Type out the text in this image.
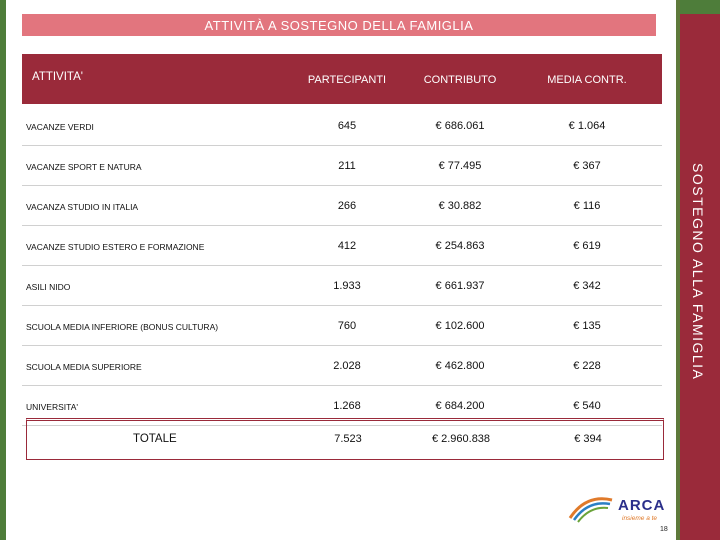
SOSTEGNO ALLA FAMIGLIA
ATTIVITÀ A SOSTEGNO DELLA FAMIGLIA
ATTIVITA'	PARTECIPANTI	CONTRIBUTO	MEDIA CONTR.
VACANZE VERDI	645	€ 686.061	€ 1.064
VACANZE SPORT E NATURA	211	€ 77.495	€ 367
VACANZA STUDIO IN ITALIA	266	€ 30.882	€ 116
VACANZE STUDIO ESTERO E FORMAZIONE	412	€ 254.863	€ 619
ASILI NIDO	1.933	€ 661.937	€ 342
SCUOLA MEDIA INFERIORE (BONUS CULTURA)	760	€ 102.600	€ 135
SCUOLA MEDIA SUPERIORE	2.028	€ 462.800	€ 228
UNIVERSITA'	1.268	€ 684.200	€ 540
TOTALE	7.523	€ 2.960.838	€ 394
ARCA
insieme a te
18
